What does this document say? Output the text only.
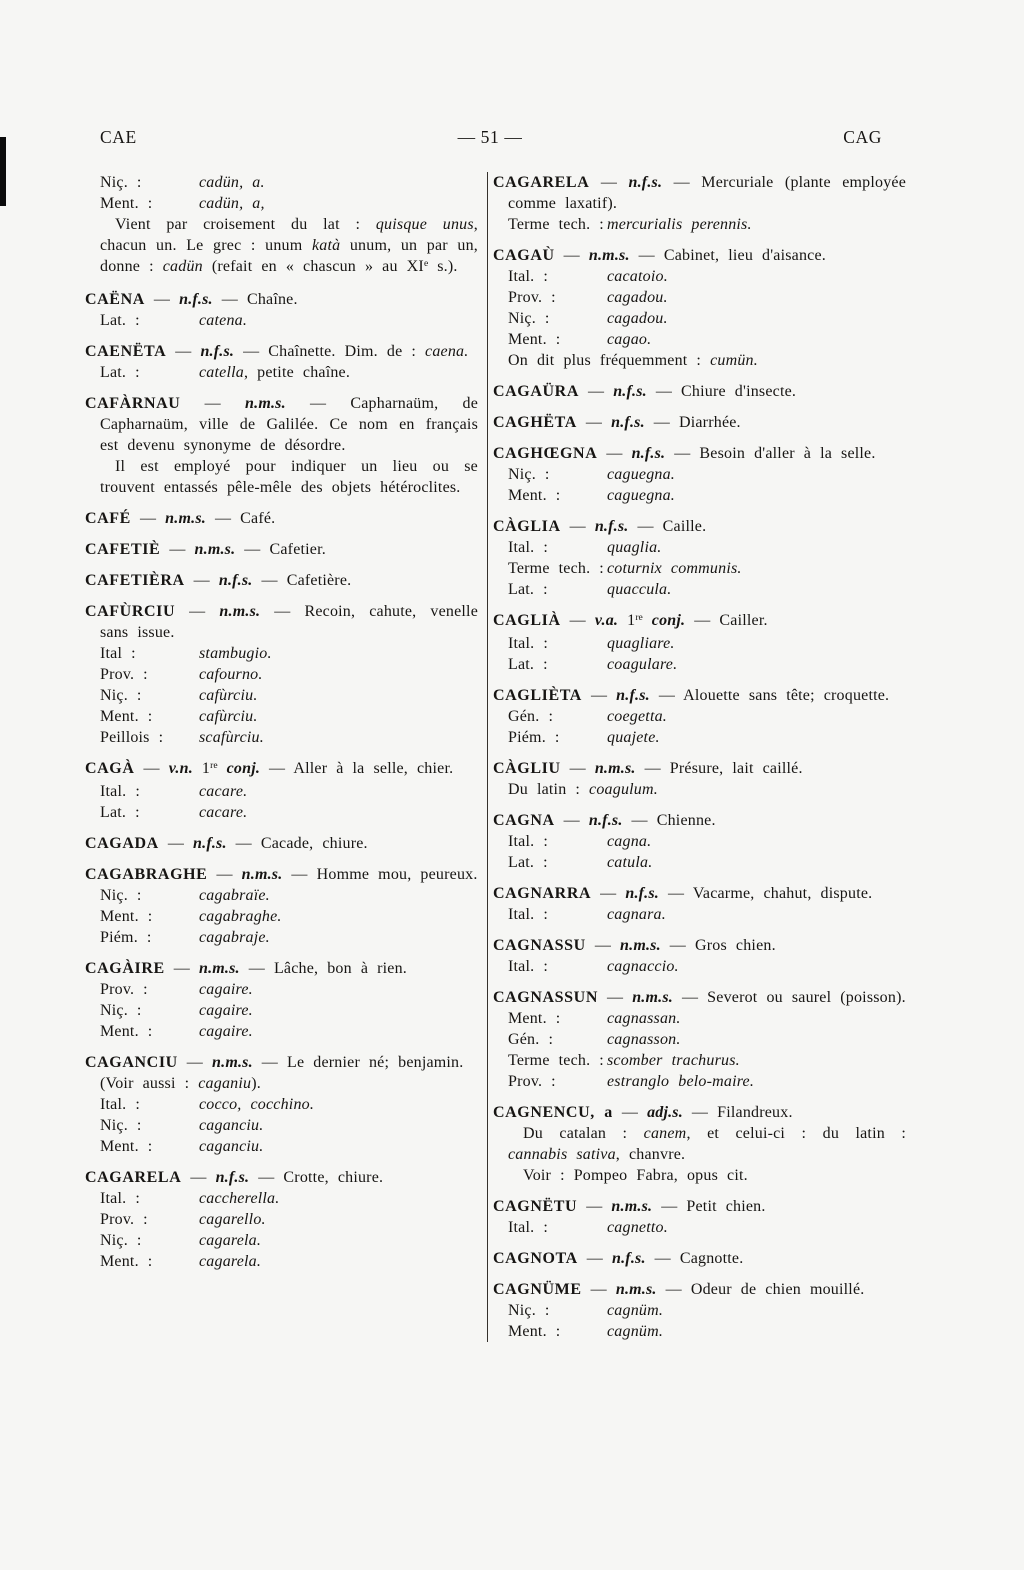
CAE	— 51 —	CAG

Niç. :	cadün, a.

Ment. :	cadün, a,

Vient par croisement du lat : quisque unus, chacun un. Le grec : unum katà unum, un par un, donne : cadün (refait en « chascun » au XIe s.).

CAËNA — n.f.s. — Chaîne.

Lat. :	catena.

CAENËTA — n.f.s. — Chaînette. Dim. de : caena.

Lat. :	catella, petite chaîne.

CAFÀRNAU — n.m.s. — Capharnaüm, de Capharnaüm, ville de Galilée. Ce nom en français est devenu synonyme de désordre.

Il est employé pour indiquer un lieu ou se trouvent entassés pêle-mêle des objets hétéroclites.

CAFÉ — n.m.s. — Café.

CAFETIÈ — n.m.s. — Cafetier.

CAFETIÈRA — n.f.s. — Cafetière.

CAFÙRCIU — n.m.s. — Recoin, cahute, venelle sans issue.

Ital :	stambugio.

Prov. :	cafourno.

Niç. :	cafùrciu.

Ment. :	cafùrciu.

Peillois : scafùrciu.

CAGÀ — v.n. 1re conj. — Aller à la selle, chier.

Ital. :	cacare.

Lat. :	cacare.

CAGADA — n.f.s. — Cacade, chiure.

CAGABRAGHE — n.m.s. — Homme mou, peureux.

Niç. :	cagabraïe.

Ment. :	cagabraghe.

Piém. :	cagabraje.

CAGÀIRE — n.m.s. — Lâche, bon à rien.

Prov. :	cagaire.

Niç. :	cagaire.

Ment. :	cagaire.

CAGANCIU — n.m.s. — Le dernier né; benjamin.

(Voir aussi : caganiu).

Ital. :	cocco, cocchino.

Niç. :	caganciu.

Ment. :	caganciu.

CAGARELA — n.f.s. — Crotte, chiure.

Ital. :	caccherella.

Prov. :	cagarello.

Niç. :	cagarela.

Ment. :	cagarela.

CAGARELA — n.f.s. — Mercuriale (plante employée comme laxatif).

Terme tech. : mercurialis perennis.

CAGAÙ — n.m.s. — Cabinet, lieu d'aisance.

Ital. :	cacatoio.

Prov. :	cagadou.

Niç. :	cagadou.

Ment. :	cagao.

On dit plus fréquemment : cumün.

CAGAÜRA — n.f.s. — Chiure d'insecte.

CAGHËTA — n.f.s. — Diarrhée.

CAGHŒGNA — n.f.s. — Besoin d'aller à la selle.

Niç. :	caguegna.

Ment. :	caguegna.

CÀGLIA — n.f.s. — Caille.

Ital. :	quaglia.

Terme tech. : coturnix communis.

Lat. :	quaccula.

CAGLIÀ — v.a. 1re conj. — Cailler.

Ital. :	quagliare.

Lat. :	coagulare.

CAGLIÈTA — n.f.s. — Alouette sans tête; croquette.

Gén. :	coegetta.

Piém. :	quajete.

CÀGLIU — n.m.s. — Présure, lait caillé.

Du latin : coagulum.

CAGNA — n.f.s. — Chienne.

Ital. :	cagna.

Lat. :	catula.

CAGNARRA — n.f.s. — Vacarme, chahut, dispute.

Ital. :	cagnara.

CAGNASSU — n.m.s. — Gros chien.

Ital. :	cagnaccio.

CAGNASSUN — n.m.s. — Severot ou saurel (poisson).

Ment. :	cagnassan.

Gén. :	cagnasson.

Terme tech. : scomber trachurus.

Prov. :	estranglo belo-maire.

CAGNENCU, a — adj.s. — Filandreux.

Du catalan : canem, et celui-ci : du latin : cannabis sativa, chanvre.

Voir : Pompeo Fabra, opus cit.

CAGNËTU — n.m.s. — Petit chien.

Ital. :	cagnetto.

CAGNOTA — n.f.s. — Cagnotte.

CAGNÜME — n.m.s. — Odeur de chien mouillé.

Niç. :	cagnüm.

Ment. :	cagnüm.
